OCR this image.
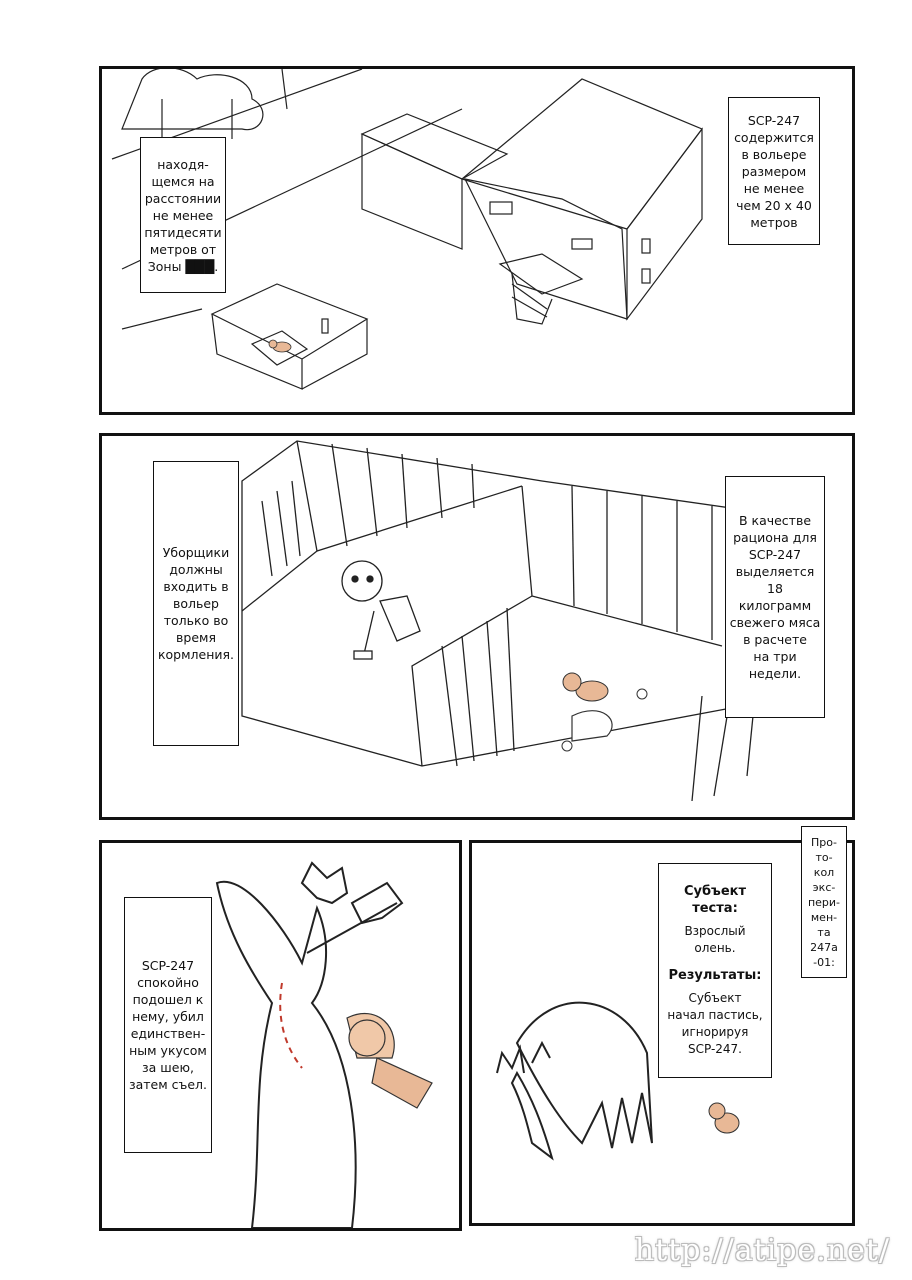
находя-
щемся на
расстоянии
не менее
пятидесяти
метров от
Зоны ███.
SCP-247
содержится
в вольере
размером
не менее
чем 20 x 40
метров
Уборщики
должны
входить в
вольер
только во
время
кормления.
В качестве
рациона для
SCP-247
выделяется
18 килограмм
свежего мяса
в расчете
на три недели.
SCP-247
спокойно
подошел к
нему, убил
единствен-
ным укусом
за шею,
затем съел.
Субъект теста:
Взрослый олень.
Результаты:
Субъект
начал пастись,
игнорируя
SCP-247.
Про-
то-
кол
экс-
пери-
мен-
та
247a
-01:
http://atipe.net/
